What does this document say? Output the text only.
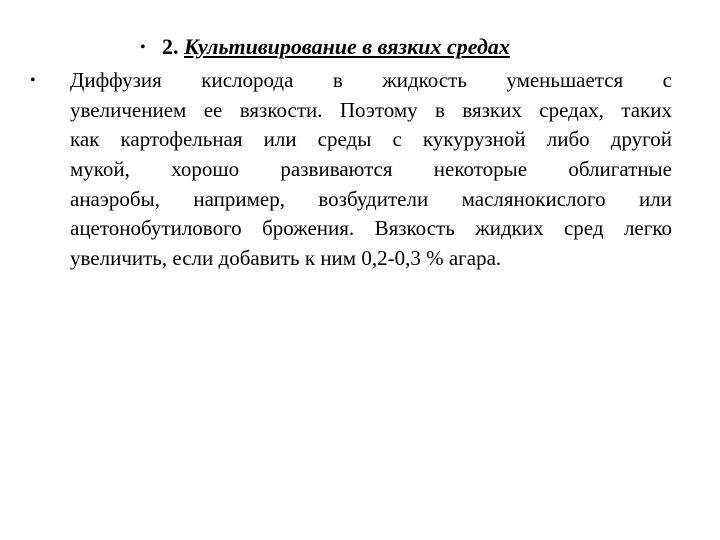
• 2. Культивирование в вязких средах
• Диффузия кислорода в жидкость уменьшается с
увеличением ее вязкости. Поэтому в вязких средах, таких
как картофельная или среды с кукурузной либо другой
мукой, хорошо развиваются некоторые облигатные
анаэробы, например, возбудители маслянокислого или
ацетонобутилового брожения. Вязкость жидких сред легко
увеличить, если добавить к ним 0,2-0,3 % агара.
